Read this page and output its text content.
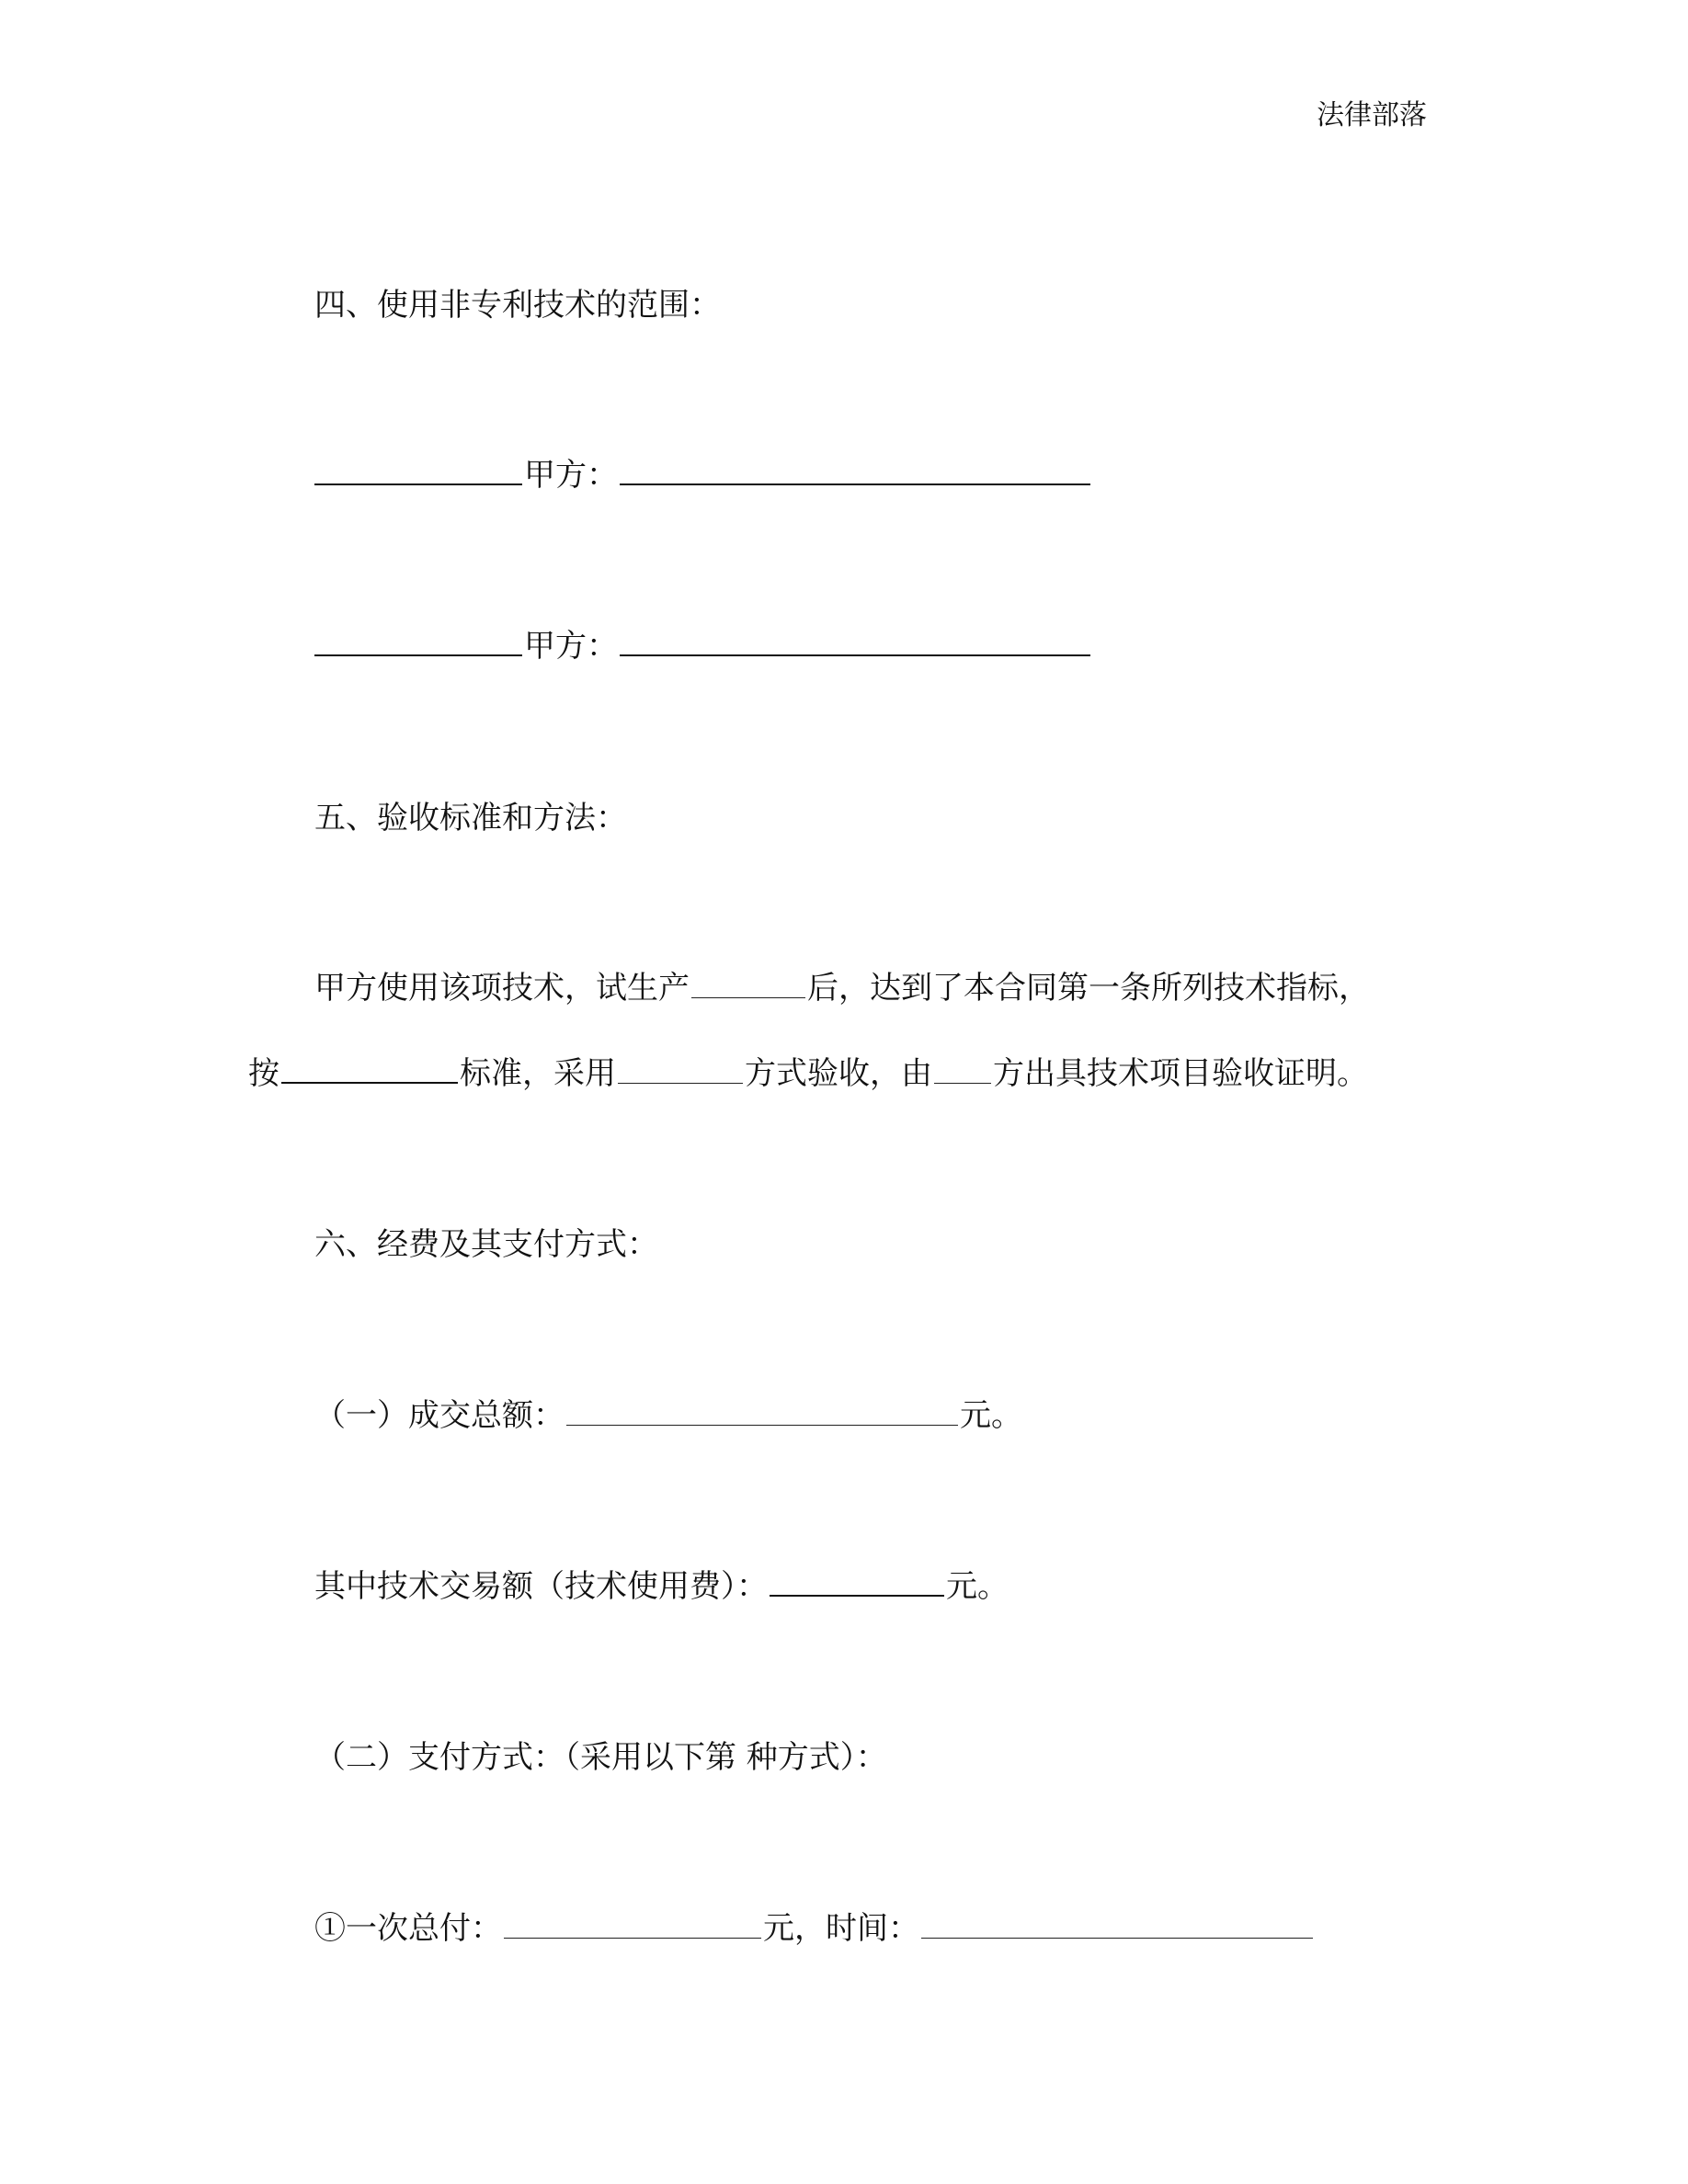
法律部落
四、使用非专利技术的范围：
甲方：
甲方：
五、验收标准和方法：
甲方使用该项技术，试生产	后，达到了本合同第一条所列技术指标，
按	标准，采用	方式验收，由 方出具技术项目验收证明。
六、经费及其支付方式：
（一）成交总额：	元。
其中技术交易额（技术使用费）：	元。
（二）支付方式：（采用以下第 种方式）：
①一次总付：	元，时间：
